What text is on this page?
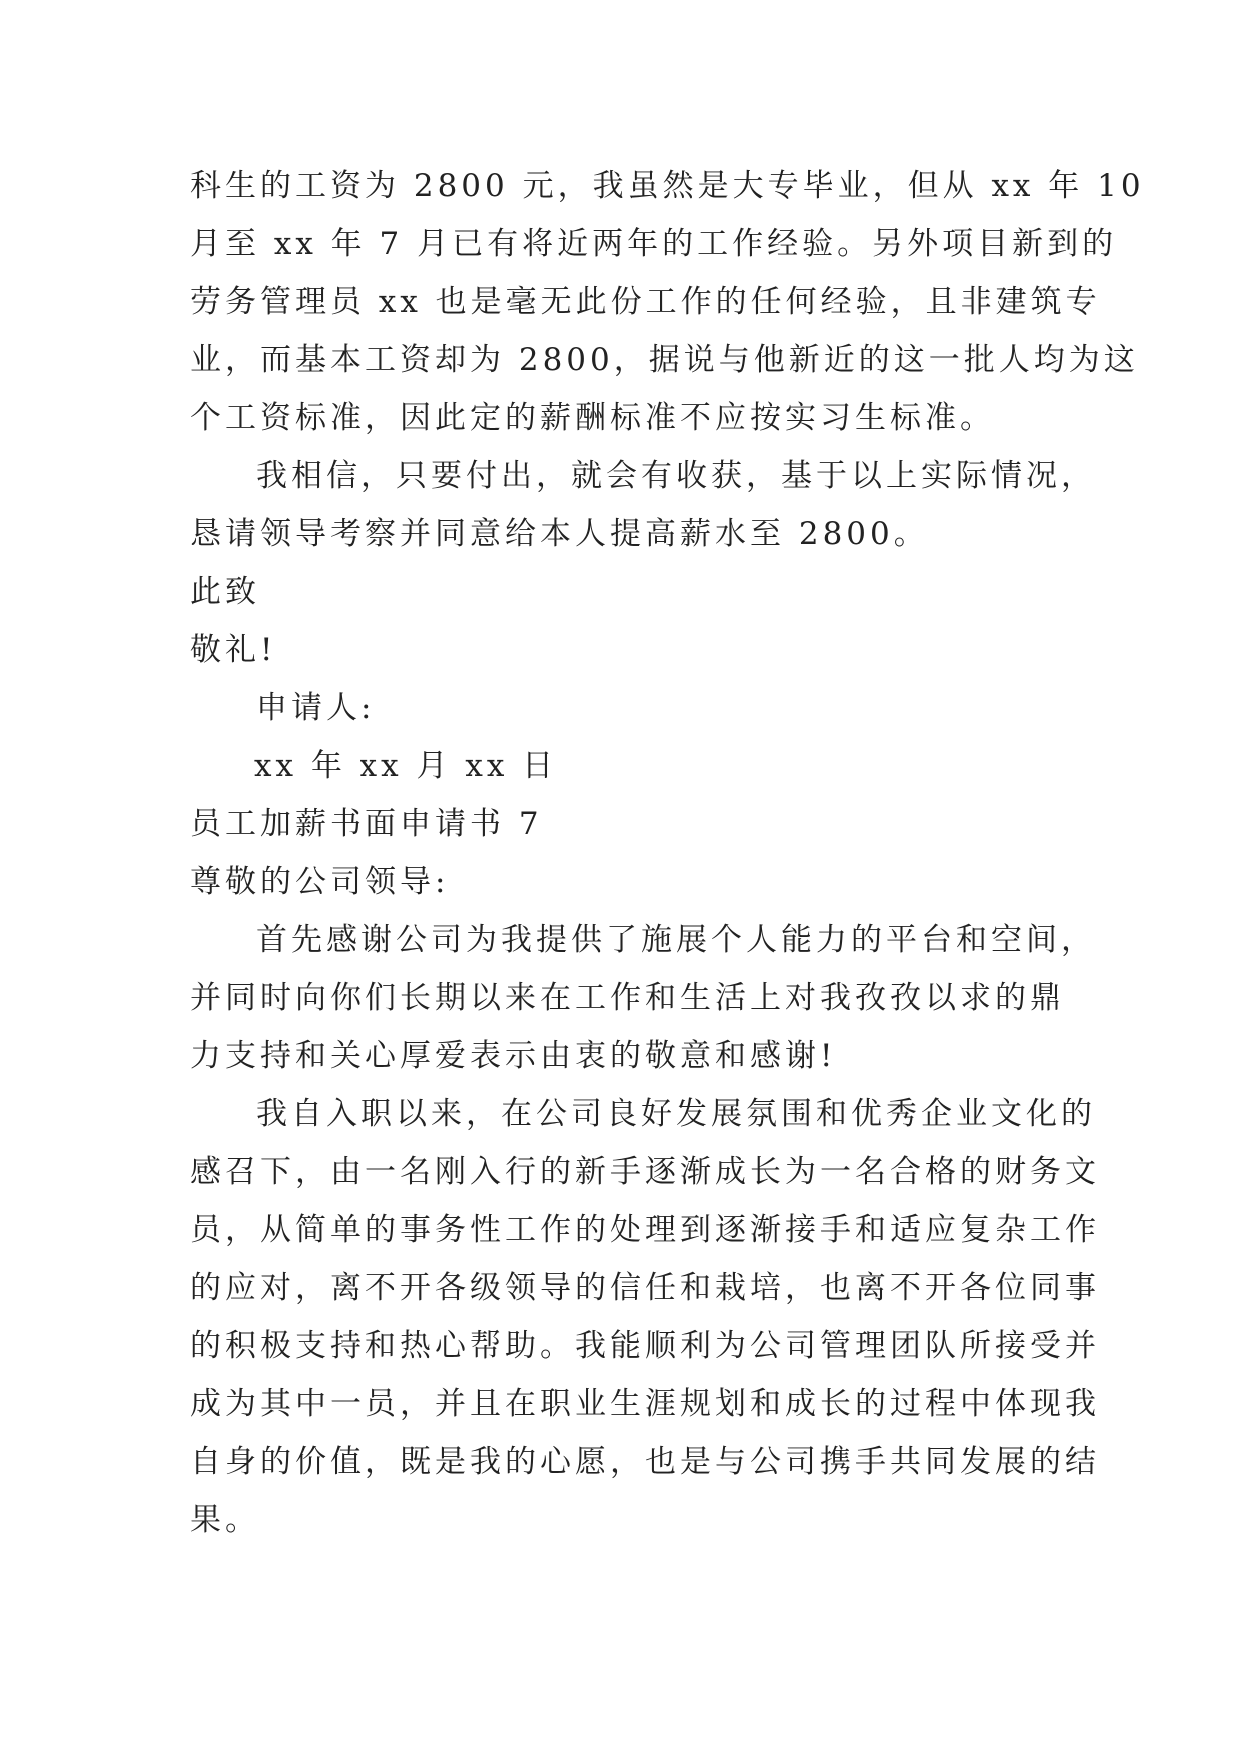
科生的工资为 2800 元，我虽然是大专毕业，但从 xx 年 10
月至 xx 年 7 月已有将近两年的工作经验。另外项目新到的
劳务管理员 xx 也是毫无此份工作的任何经验，且非建筑专
业，而基本工资却为 2800，据说与他新近的这一批人均为这
个工资标准，因此定的薪酬标准不应按实习生标准。
我相信，只要付出，就会有收获，基于以上实际情况，
恳请领导考察并同意给本人提高薪水至 2800。
此致
敬礼!
申请人:
xx 年 xx 月 xx 日
员工加薪书面申请书 7
尊敬的公司领导:
首先感谢公司为我提供了施展个人能力的平台和空间，
并同时向你们长期以来在工作和生活上对我孜孜以求的鼎
力支持和关心厚爱表示由衷的敬意和感谢!
我自入职以来，在公司良好发展氛围和优秀企业文化的
感召下，由一名刚入行的新手逐渐成长为一名合格的财务文
员，从简单的事务性工作的处理到逐渐接手和适应复杂工作
的应对，离不开各级领导的信任和栽培，也离不开各位同事
的积极支持和热心帮助。我能顺利为公司管理团队所接受并
成为其中一员，并且在职业生涯规划和成长的过程中体现我
自身的价值，既是我的心愿，也是与公司携手共同发展的结
果。
